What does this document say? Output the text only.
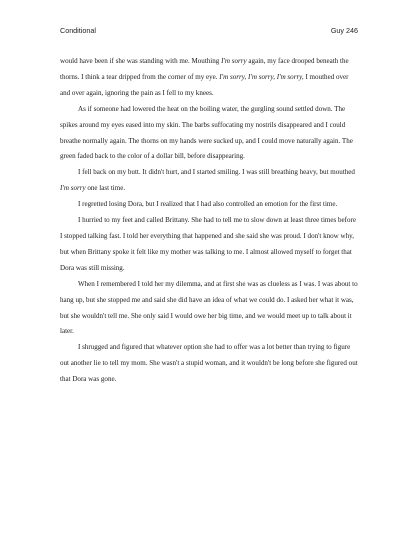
Conditional	Guy 246

would have been if she was standing with me. Mouthing I'm sorry again, my face drooped beneath the thorns. I think a tear dripped from the corner of my eye. I'm sorry, I'm sorry, I'm sorry, I mouthed over and over again, ignoring the pain as I fell to my knees.

As if someone had lowered the heat on the boiling water, the gurgling sound settled down. The spikes around my eyes eased into my skin. The barbs suffocating my nostrils disappeared and I could breathe normally again. The thorns on my hands were sucked up, and I could move naturally again. The green faded back to the color of a dollar bill, before disappearing.

I fell back on my butt. It didn't hurt, and I started smiling. I was still breathing heavy, but mouthed I'm sorry one last time.

I regretted losing Dora, but I realized that I had also controlled an emotion for the first time.

I hurried to my feet and called Brittany. She had to tell me to slow down at least three times before I stopped talking fast. I told her everything that happened and she said she was proud. I don't know why, but when Brittany spoke it felt like my mother was talking to me. I almost allowed myself to forget that Dora was still missing.

When I remembered I told her my dilemma, and at first she was as clueless as I was. I was about to hang up, but she stopped me and said she did have an idea of what we could do. I asked her what it was, but she wouldn't tell me. She only said I would owe her big time, and we would meet up to talk about it later.

I shrugged and figured that whatever option she had to offer was a lot better than trying to figure out another lie to tell my mom. She wasn't a stupid woman, and it wouldn't be long before she figured out that Dora was gone.
